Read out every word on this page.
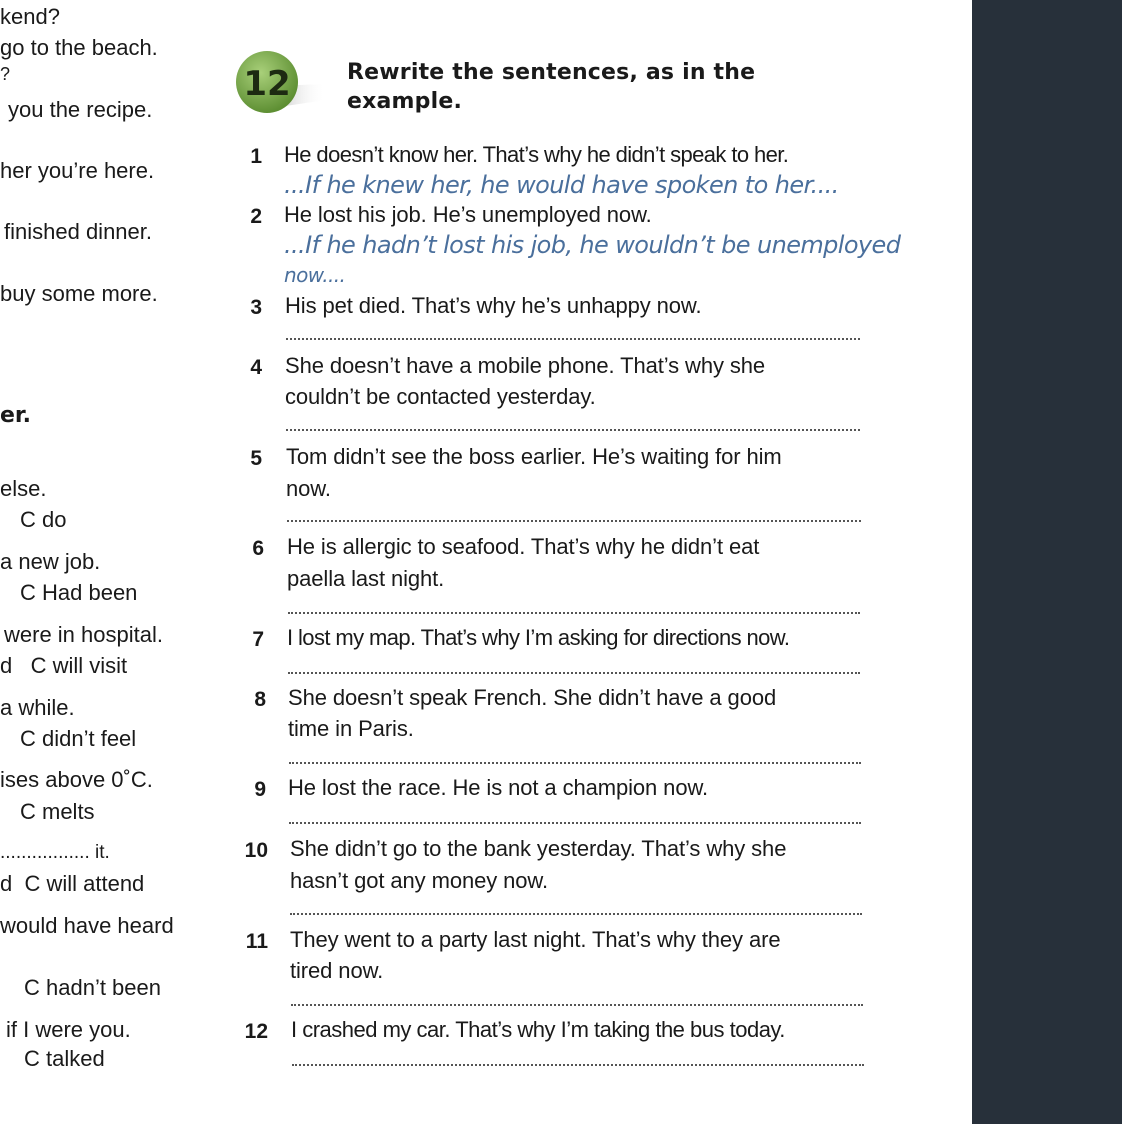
kend?
go to the beach.
?
you the recipe.
her you’re here.
finished dinner.
buy some more.
er.
else.
C do
a new job.
C Had been
were in hospital.
d   C will visit
a while.
C didn’t feel
ises above 0˚C.
C melts
................. it.
d  C will attend
would have heard
C hadn’t been
if I were you.
C talked
12	Rewrite the sentences, as in the
example.
1 He doesn’t know her. That’s why he didn’t speak to her.
...If he knew her, he would have spoken to her....
2 He lost his job. He’s unemployed now.
...If he hadn’t lost his job, he wouldn’t be unemployed
now....
3 His pet died. That’s why he’s unhappy now.
4 She doesn’t have a mobile phone. That’s why she
couldn’t be contacted yesterday.
5 Tom didn’t see the boss earlier. He’s waiting for him
now.
6 He is allergic to seafood. That’s why he didn’t eat
paella last night.
7 I lost my map. That’s why I’m asking for directions now.
8 She doesn’t speak French. She didn’t have a good
time in Paris.
9 He lost the race. He is not a champion now.
10 She didn’t go to the bank yesterday. That’s why she
hasn’t got any money now.
11 They went to a party last night. That’s why they are
tired now.
12 I crashed my car. That’s why I’m taking the bus today.
